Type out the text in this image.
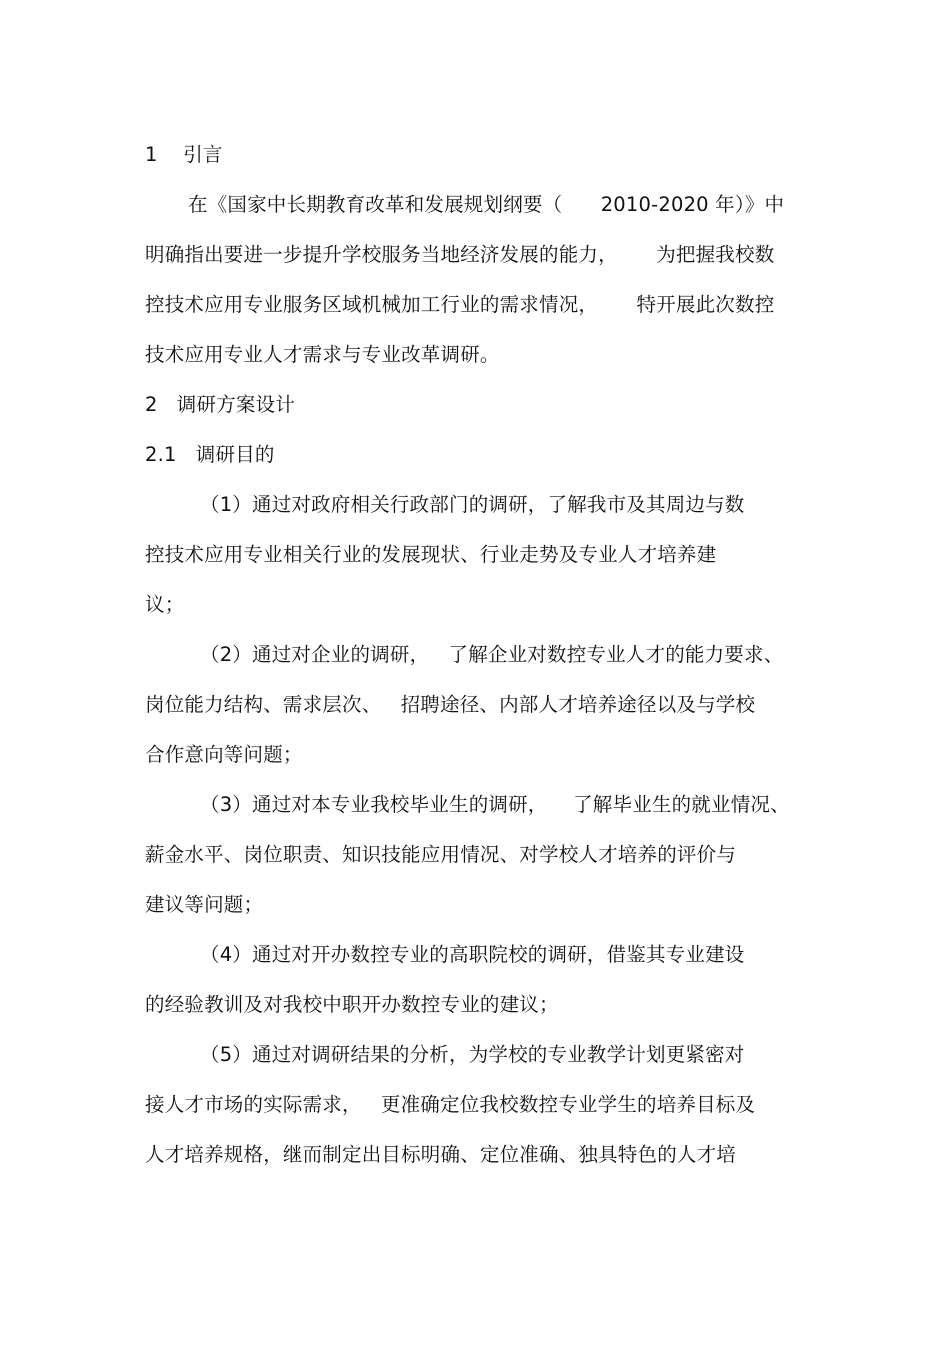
1    引言
在《国家中长期教育改革和发展规划纲要（      2010-2020 年）》中
明确指出要进一步提升学校服务当地经济发展的能力，      为把握我校数
控技术应用专业服务区域机械加工行业的需求情况，      特开展此次数控
技术应用专业人才需求与专业改革调研。
2   调研方案设计
2.1   调研目的
（1）通过对政府相关行政部门的调研，了解我市及其周边与数
控技术应用专业相关行业的发展现状、行业走势及专业人才培养建
议；
（2）通过对企业的调研，   了解企业对数控专业人才的能力要求、
岗位能力结构、需求层次、   招聘途径、内部人才培养途径以及与学校
合作意向等问题；
（3）通过对本专业我校毕业生的调研，    了解毕业生的就业情况、
薪金水平、岗位职责、知识技能应用情况、对学校人才培养的评价与
建议等问题；
（4）通过对开办数控专业的高职院校的调研，借鉴其专业建设
的经验教训及对我校中职开办数控专业的建议；
（5）通过对调研结果的分析，为学校的专业教学计划更紧密对
接人才市场的实际需求，   更准确定位我校数控专业学生的培养目标及
人才培养规格，继而制定出目标明确、定位准确、独具特色的人才培
